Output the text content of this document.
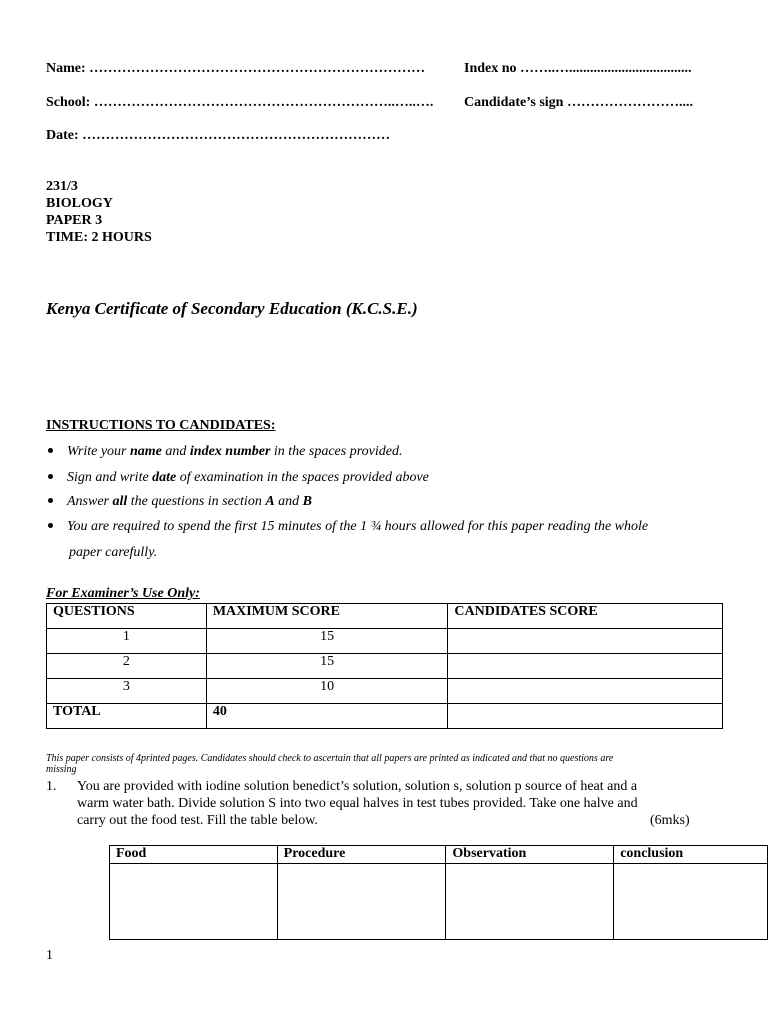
Name: ………………………………………………………………	Index no ……..…...................................
School: ………………………………………………………..…..…. Candidate’s sign ……………………....
Date: …………………………………………………………
231/3
BIOLOGY
PAPER 3
TIME: 2 HOURS
Kenya Certificate of Secondary Education (K.C.S.E.)
INSTRUCTIONS TO CANDIDATES:
Write your name and index number in the spaces provided.
Sign and write date of examination in the spaces provided above
Answer all the questions in section A and B
You are required to spend the first 15 minutes of the 1 ¾ hours allowed for this paper reading the whole
paper carefully.
For Examiner’s Use Only:
QUESTIONS	MAXIMUM SCORE	CANDIDATES SCORE
1	15	
2	15	
3	10	
TOTAL	40	
This paper consists of 4printed pages. Candidates should check to ascertain that all papers are printed as indicated and that no questions are
missing
1. You are provided with iodine solution benedict’s solution, solution s, solution p source of heat and a
warm water bath. Divide solution S into two equal halves in test tubes provided. Take one halve and
carry out the food test. Fill the table below.	(6mks)
Food	Procedure	Observation	conclusion

1
